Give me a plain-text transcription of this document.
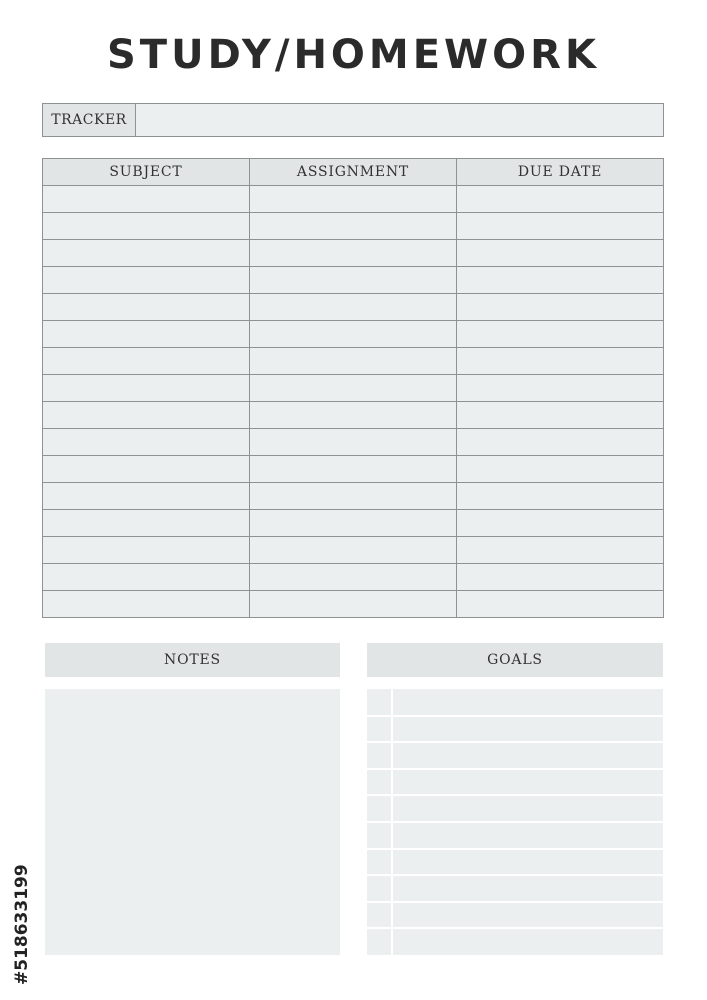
STUDY/HOMEWORK
TRACKER
SUBJECT	ASSIGNMENT	DUE DATE

NOTES	GOALS
#518633199
